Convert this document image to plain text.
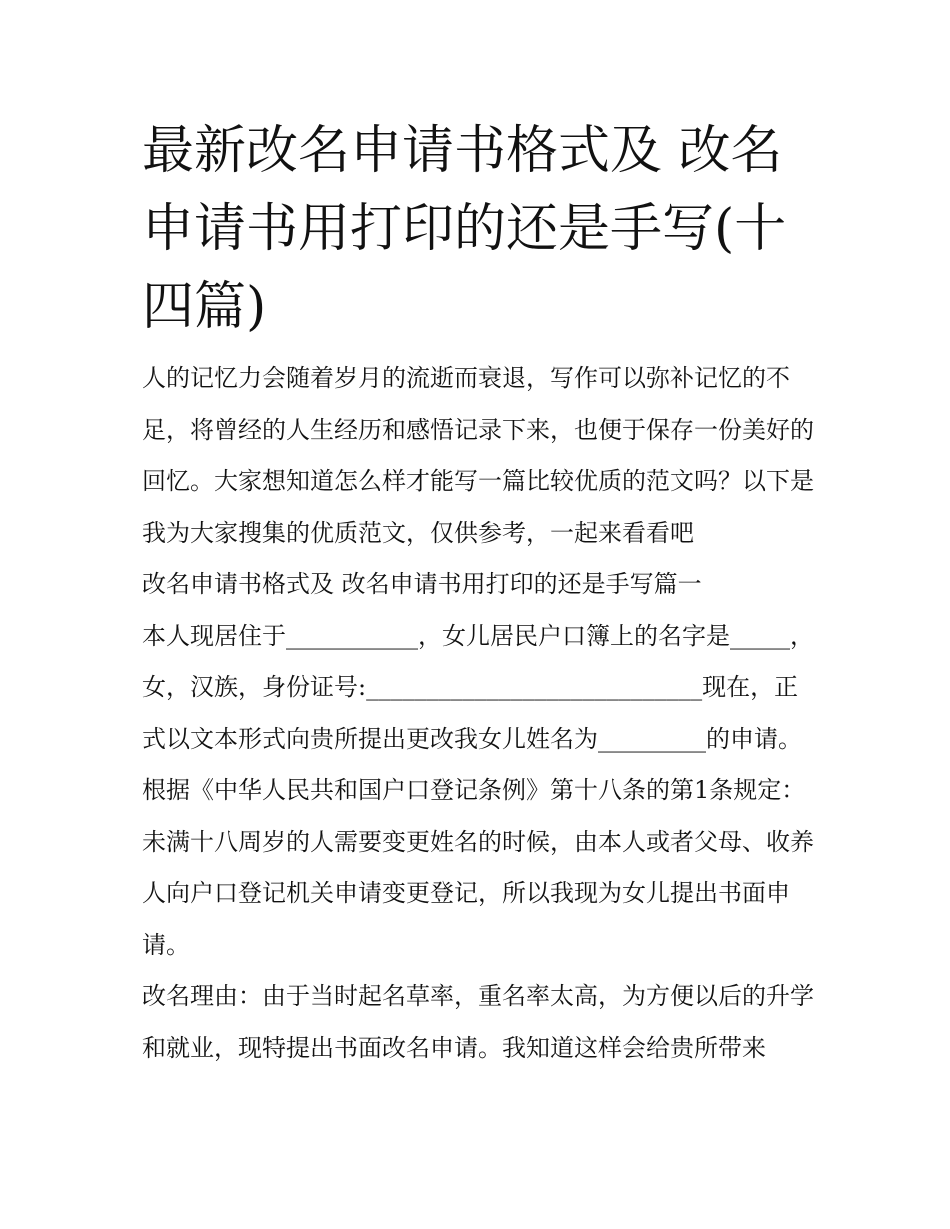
最新改名申请书格式及 改名申请书用打印的还是手写(十四篇)

人的记忆力会随着岁月的流逝而衰退，写作可以弥补记忆的不足，将曾经的人生经历和感悟记录下来，也便于保存一份美好的回忆。大家想知道怎么样才能写一篇比较优质的范文吗？以下是我为大家搜集的优质范文，仅供参考，一起来看看吧

改名申请书格式及 改名申请书用打印的还是手写篇一

本人现居住于___________，女儿居民户口簿上的名字是_____，女，汉族，身份证号:____________________________现在，正式以文本形式向贵所提出更改我女儿姓名为_________的申请。

根据《中华人民共和国户口登记条例》第十八条的第1条规定：未满十八周岁的人需要变更姓名的时候，由本人或者父母、收养人向户口登记机关申请变更登记，所以我现为女儿提出书面申请。

改名理由：由于当时起名草率，重名率太高，为方便以后的升学和就业，现特提出书面改名申请。我知道这样会给贵所带来
